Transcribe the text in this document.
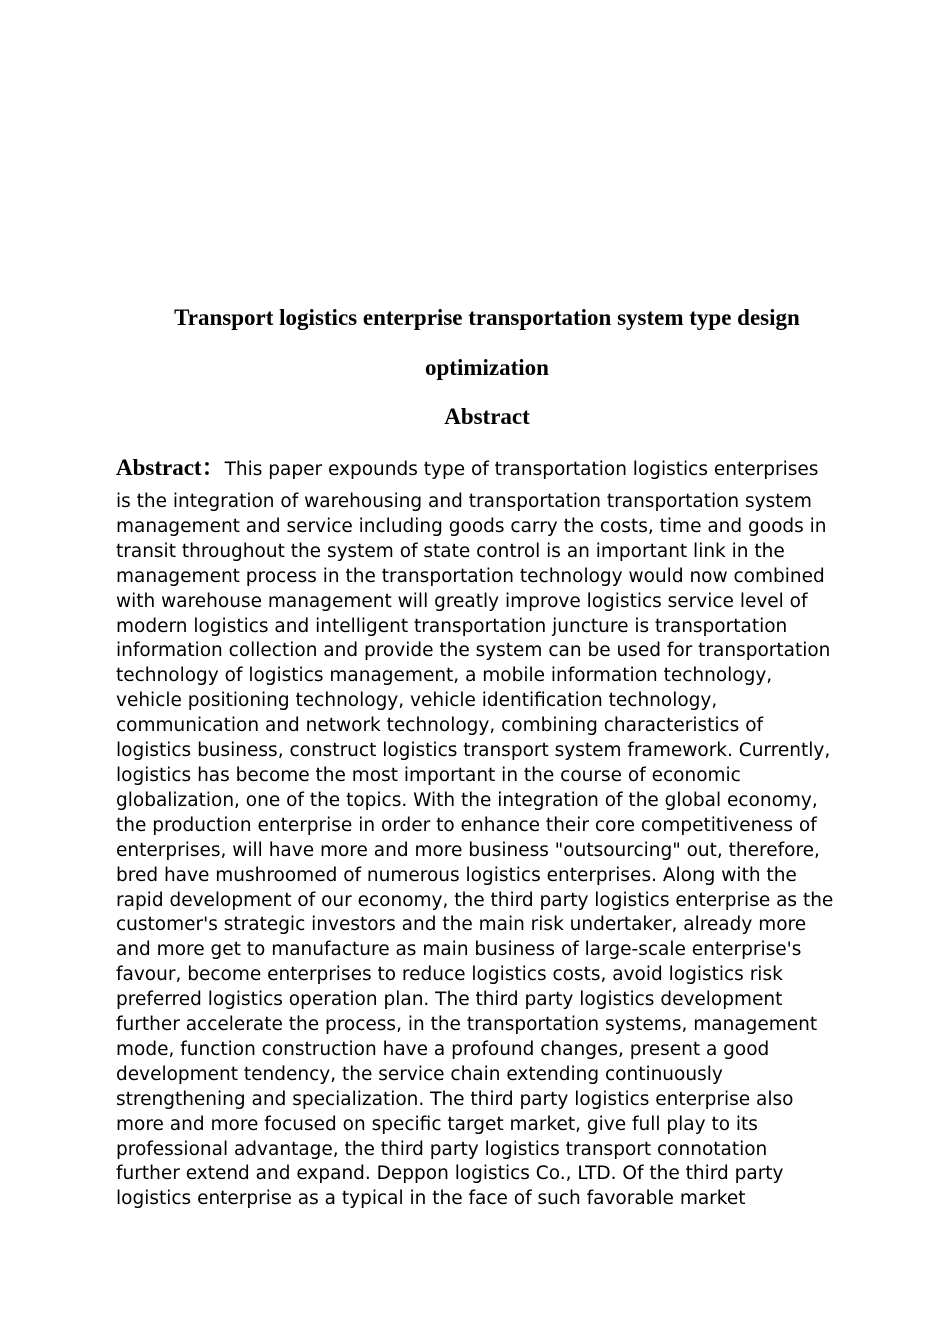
Transport logistics enterprise transportation system type design
optimization
Abstract
Abstract：This paper expounds type of transportation logistics enterprises
is the integration of warehousing and transportation transportation system
management and service including goods carry the costs, time and goods in
transit throughout the system of state control is an important link in the
management process in the transportation technology would now combined
with warehouse management will greatly improve logistics service level of
modern logistics and intelligent transportation juncture is transportation
information collection and provide the system can be used for transportation
technology of logistics management, a mobile information technology,
vehicle positioning technology, vehicle identification technology,
communication and network technology, combining characteristics of
logistics business, construct logistics transport system framework. Currently,
logistics has become the most important in the course of economic
globalization, one of the topics. With the integration of the global economy,
the production enterprise in order to enhance their core competitiveness of
enterprises, will have more and more business "outsourcing" out, therefore,
bred have mushroomed of numerous logistics enterprises. Along with the
rapid development of our economy, the third party logistics enterprise as the
customer's strategic investors and the main risk undertaker, already more
and more get to manufacture as main business of large-scale enterprise's
favour, become enterprises to reduce logistics costs, avoid logistics risk
preferred logistics operation plan. The third party logistics development
further accelerate the process, in the transportation systems, management
mode, function construction have a profound changes, present a good
development tendency, the service chain extending continuously
strengthening and specialization. The third party logistics enterprise also
more and more focused on specific target market, give full play to its
professional advantage, the third party logistics transport connotation
further extend and expand. Deppon logistics Co., LTD. Of the third party
logistics enterprise as a typical in the face of such favorable market
